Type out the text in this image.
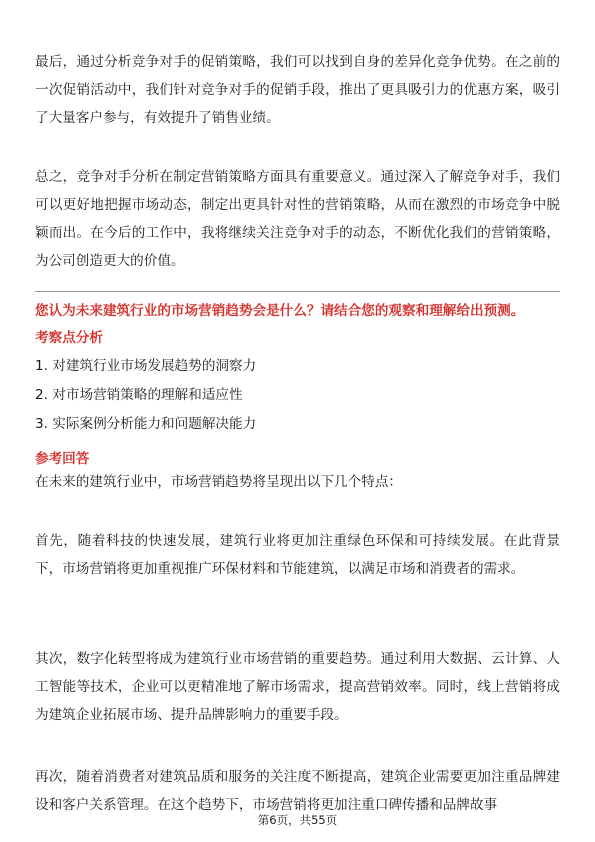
最后，通过分析竞争对手的促销策略，我们可以找到自身的差异化竞争优势。在之前的一次促销活动中，我们针对竞争对手的促销手段，推出了更具吸引力的优惠方案，吸引了大量客户参与，有效提升了销售业绩。

总之，竞争对手分析在制定营销策略方面具有重要意义。通过深入了解竞争对手，我们可以更好地把握市场动态，制定出更具针对性的营销策略，从而在激烈的市场竞争中脱颖而出。在今后的工作中，我将继续关注竞争对手的动态，不断优化我们的营销策略，为公司创造更大的价值。

您认为未来建筑行业的市场营销趋势会是什么？请结合您的观察和理解给出预测。

考察点分析

1. 对建筑行业市场发展趋势的洞察力
2. 对市场营销策略的理解和适应性
3. 实际案例分析能力和问题解决能力

参考回答

在未来的建筑行业中，市场营销趋势将呈现出以下几个特点：

首先，随着科技的快速发展，建筑行业将更加注重绿色环保和可持续发展。在此背景下，市场营销将更加重视推广环保材料和节能建筑，以满足市场和消费者的需求。

其次，数字化转型将成为建筑行业市场营销的重要趋势。通过利用大数据、云计算、人工智能等技术，企业可以更精准地了解市场需求，提高营销效率。同时，线上营销将成为建筑企业拓展市场、提升品牌影响力的重要手段。

再次，随着消费者对建筑品质和服务的关注度不断提高，建筑企业需要更加注重品牌建设和客户关系管理。在这个趋势下，市场营销将更加注重口碑传播和品牌故事

第6页，共55页
